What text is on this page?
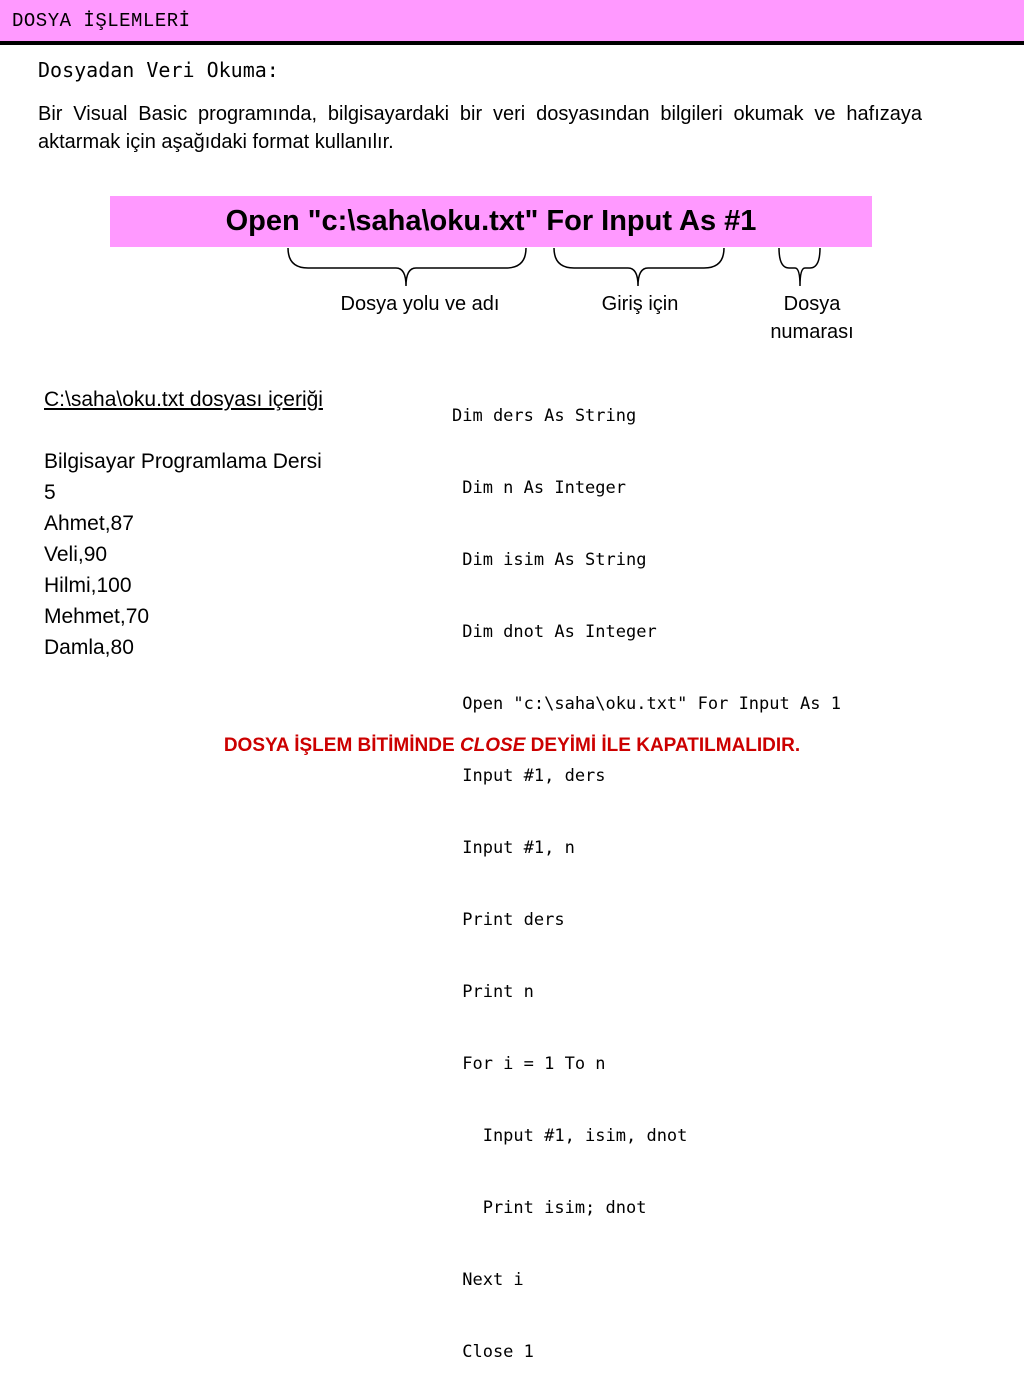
DOSYA İŞLEMLERİ
Dosyadan Veri Okuma:
Bir Visual Basic programında, bilgisayardaki bir veri dosyasından bilgileri okumak ve hafızaya aktarmak için aşağıdaki format kullanılır.
Open "c:\saha\oku.txt" For Input As #1
Dosya yolu ve adı	Giriş için	Dosya
numarası
C:\saha\oku.txt dosyası içeriği
Bilgisayar Programlama Dersi
5
Ahmet,87
Veli,90
Hilmi,100
Mehmet,70
Damla,80

Dim ders As String

Dim n As Integer

Dim isim As String

Dim dnot As Integer

Open "c:\saha\oku.txt" For Input As 1

Input #1, ders

Input #1, n

Print ders

Print n

For i = 1 To n

Input #1, isim, dnot

Print isim; dnot

Next i

Close 1

DOSYA İŞLEM BİTİMİNDE CLOSE DEYİMİ İLE KAPATILMALIDIR.
